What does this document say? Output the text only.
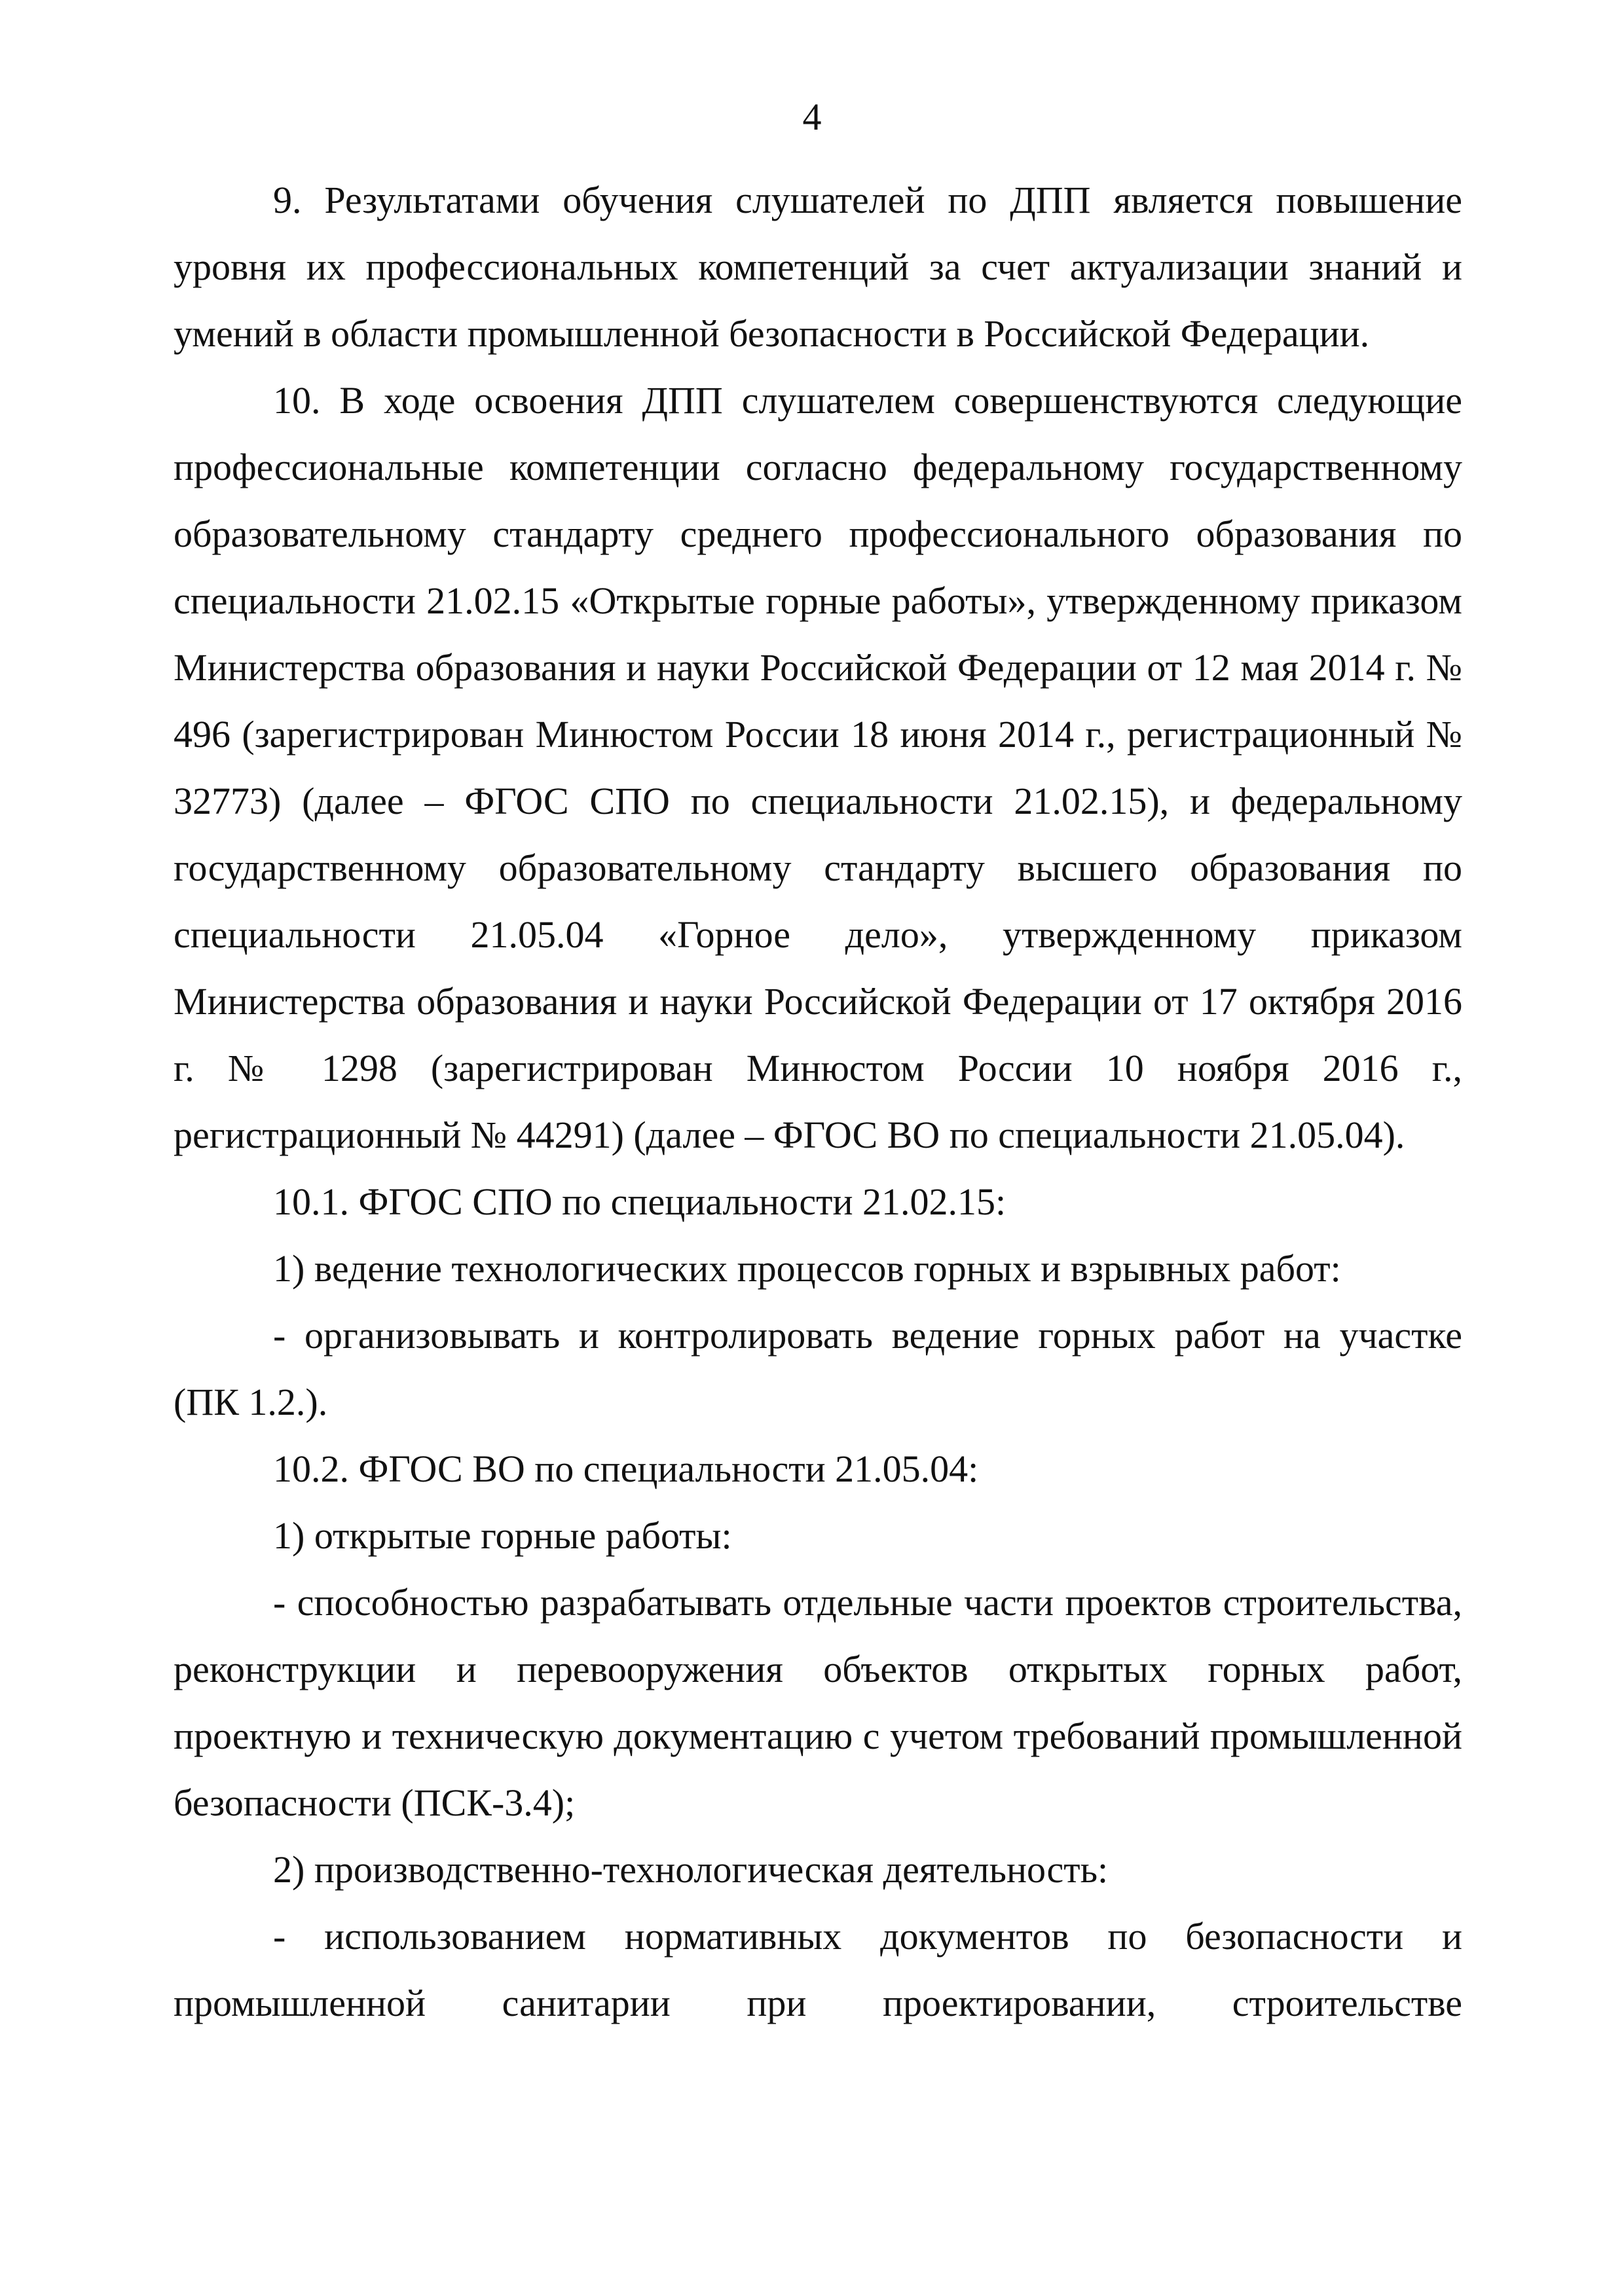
4

9. Результатами обучения слушателей по ДПП является повышение уровня их профессиональных компетенций за счет актуализации знаний и умений в области промышленной безопасности в Российской Федерации.

10. В ходе освоения ДПП слушателем совершенствуются следующие профессиональные компетенции согласно федеральному государственному образовательному стандарту среднего профессионального образования по специальности 21.02.15 «Открытые горные работы», утвержденному приказом Министерства образования и науки Российской Федерации от 12 мая 2014 г. № 496 (зарегистрирован Минюстом России 18 июня 2014 г., регистрационный № 32773) (далее – ФГОС СПО по специальности 21.02.15), и федеральному государственному образовательному стандарту высшего образования по специальности 21.05.04 «Горное дело», утвержденному приказом Министерства образования и науки Российской Федерации от 17 октября 2016 г. № 1298 (зарегистрирован Минюстом России 10 ноября 2016 г., регистрационный № 44291) (далее – ФГОС ВО по специальности 21.05.04).

10.1. ФГОС СПО по специальности 21.02.15:

1) ведение технологических процессов горных и взрывных работ:

- организовывать и контролировать ведение горных работ на участке (ПК 1.2.).

10.2. ФГОС ВО по специальности 21.05.04:

1) открытые горные работы:

- способностью разрабатывать отдельные части проектов строительства, реконструкции и перевооружения объектов открытых горных работ, проектную и техническую документацию с учетом требований промышленной безопасности (ПСК-3.4);

2) производственно-технологическая деятельность:

- использованием нормативных документов по безопасности и промышленной санитарии при проектировании, строительстве
